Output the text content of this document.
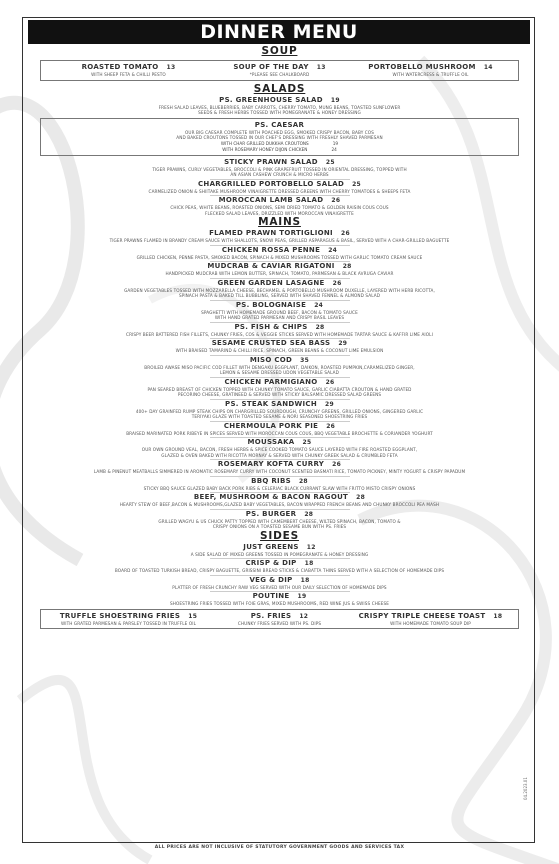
DINNER MENU
SOUP
ROASTED TOMATO 13
WITH SHEEP FETA & CHILLI PESTO
SOUP OF THE DAY 13
*PLEASE SEE CHALKBOARD
PORTOBELLO MUSHROOM 14
WITH WATERCRESS & TRUFFLE OIL
SALADS
PS. GREENHOUSE SALAD 19
FRESH SALAD LEAVES, BLUEBERRIES, BABY CARROTS, CHERRY TOMATO, MUNG BEANS, TOASTED SUNFLOWER
SEEDS & FRESH HERBS TOSSED WITH POMEGRANATE & HONEY DRESSING
PS. CAESAR
OUR BIG CAESAR COMPLETE WITH POACHED EGG, SMOKED CRISPY BACON, BABY COS
AND BAKED CROUTONS TOSSED IN OUR CHEF'S DRESSING WITH FRESHLY SHAVED PARMESAN
WITH CHAR GRILLED DUKKHA CROUTONS	19
WITH ROSEMARY HONEY DIJON CHICKEN	24
STICKY PRAWN SALAD 25
TIGER PRAWNS, CURLY VEGETABLES, BROCCOLI & PINK GRAPEFRUIT TOSSED IN ORIENTAL DRESSING, TOPPED WITH
AN ASIAN CASHEW CRUNCH & MICRO HERBS
CHARGRILLED PORTOBELLO SALAD 25
CARMELIZED ONION & SHIITAKE MUSHROOM VINAIGRETTE DRESSED GREENS WITH CHERRY TOMATOES & SHEEPS FETA
MOROCCAN LAMB SALAD 26
CHICK PEAS, WHITE BEANS, ROASTED ONIONS, SEMI DRIED TOMATO & GOLDEN RAISIN COUS COUS
FLECKED SALAD LEAVES, DRIZZLED WITH MOROCCAN VINAIGRETTE
MAINS
FLAMED PRAWN TORTIGLIONI 26
TIGER PRAWNS FLAMED IN BRANDY CREAM SAUCE WITH SHALLOTS, SNOW PEAS, GRILLED ASPARAGUS & BASIL, SERVED WITH A CHAR-GRILLED BAGUETTE
CHICKEN ROSSA PENNE 24
GRILLED CHICKEN, PENNE PASTA, SMOKED BACON, SPINACH & MIXED MUSHROOMS TOSSED WITH GARLIC TOMATO CREAM SAUCE
MUDCRAB & CAVIAR RIGATONI 28
HANDPICKED MUDCRAB WITH LEMON BUTTER, SPINACH, TOMATO, PARMESAN & BLACK AVRUGA CAVIAR
GREEN GARDEN LASAGNE 26
GARDEN VEGETABLES TOSSED WITH MOZZARELLA CHEESE, BECHAMEL & PORTOBELLO MUSHROOM DUXELLE, LAYERED WITH HERB RICOTTA,
SPINACH PASTA & BAKED TILL BUBBLING, SERVED WITH SHAVED FENNEL & ALMOND SALAD
PS. BOLOGNAISE 24
SPAGHETTI WITH HOMEMADE GROUND BEEF, BACON & TOMATO SAUCE
WITH HAND GRATED PARMESAN AND CRISPY BASIL LEAVES
PS. FISH & CHIPS 28
CRISPY BEER BATTERED FISH FILLETS, CHUNKY FRIES, COS & VEGGIE STICKS SERVED WITH HOMEMADE TARTAR SAUCE & KAFFIR LIME AIOLI
SESAME CRUSTED SEA BASS 29
WITH BRAISED TAMARIND & CHILLI RICE, SPINACH, GREEN BEANS & COCONUT LIME EMULSION
MISO COD 35
BROILED AWASE MISO PACIFIC COD FILLET WITH DENGAKU EGGPLANT, DAIKON, ROASTED PUMPKIN,CARAMELIZED GINGER,
LEMON & SESAME DRESSED UDON VEGETABLE SALAD
CHICKEN PARMIGIANO 26
PAN SEARED BREAST OF CHICKEN TOPPED WITH CHUNKY TOMATO SAUCE, GARLIC CIABATTA CROUTON & HAND GRATED
PECORINO CHEESE, GRATINEED & SERVED WITH STICKY BALSAMIC DRESSED SALAD GREENS
PS. STEAK SANDWICH 29
400+ DAY GRAINFED RUMP STEAK CHIPS ON CHARGRILLED SOURDOUGH, CRUNCHY GREENS, GRILLED ONIONS, GINGERED GARLIC
TERIYAKI GLAZE WITH TOASTED SESAME & NORI SEASONED SHOESTRING FRIES
CHERMOULA PORK PIE 26
BRAISED MARINATED PORK RIBEYE IN SPICES SERVED WITH MOROCCAN COUS COUS, BBQ VEGETABLE BROCHETTE & CORIANDER YOGHURT
MOUSSAKA 25
OUR OWN GROUND VEAL, BACON, FRESH HERBS & SPICE COOKED TOMATO SAUCE LAYERED WITH FIRE ROASTED EGGPLANT,
GLAZED & OVEN BAKED WITH RICOTTA MORNAY & SERVED WITH CHUNKY GREEK SALAD & CRUMBLED FETA
ROSEMARY KOFTA CURRY 26
LAMB & PINENUT MEATBALLS SIMMERED IN AROMATIC ROSEMARY CURRY WITH COCONUT SCENTED BASMATI RICE, TOMATO PICKNEY, MINTY YOGURT & CRISPY PAPADUM
BBQ RIBS 28
STICKY BBQ SAUCE GLAZED BABY BACK PORK RIBS & CELERIAC BLACK CURRANT SLAW WITH FRITTO MISTO CRISPY ONIONS
BEEF, MUSHROOM & BACON RAGOUT 28
HEARTY STEW OF BEEF,BACON & MUSHROOMS,GLAZED BABY VEGETABLES, BACON WRAPPED FRENCH BEANS AND CHUNKY BROCCOLI PEA MASH
PS. BURGER 28
GRILLED WAGYU & US CHUCK PATTY TOPPED WITH CAMEMBERT CHEESE, WILTED SPINACH, BACON, TOMATO &
CRISPY ONIONS ON A TOASTED SESAME BUN WITH PS. FRIES
SIDES
JUST GREENS 12
A SIDE SALAD OF MIXED GREENS TOSSED IN POMEGRANATE & HONEY DRESSING
CRISP & DIP 18
BOARD OF TOASTED TURKISH BREAD, CRISPY BAGUETTE, GRISSINI BREAD STICKS & CIABATTA THINS SERVED WITH A SELECTION OF HOMEMADE DIPS
VEG & DIP 18
PLATTER OF FRESH CRUNCHY RAW VEG SERVED WITH OUR DAILY SELECTION OF HOMEMADE DIPS
POUTINE 19
SHOESTRING FRIES TOSSED WITH FOIE GRAS, MIXED MUSHROOMS, RED WINE JUS & SWISS CHEESE
TRUFFLE SHOESTRING FRIES 15
WITH GRATED PARMESAN & PARSLEY TOSSED IN TRUFFLE OIL
PS. FRIES 12
CHUNKY FRIES SERVED WITH PS. DIPS
CRISPY TRIPLE CHEESE TOAST 18
WITH HOMEMADE TOMATO SOUP DIP
ALL PRICES ARE NOT INCLUSIVE OF STATUTORY GOVERNMENT GOODS AND SERVICES TAX
04.2023.01
